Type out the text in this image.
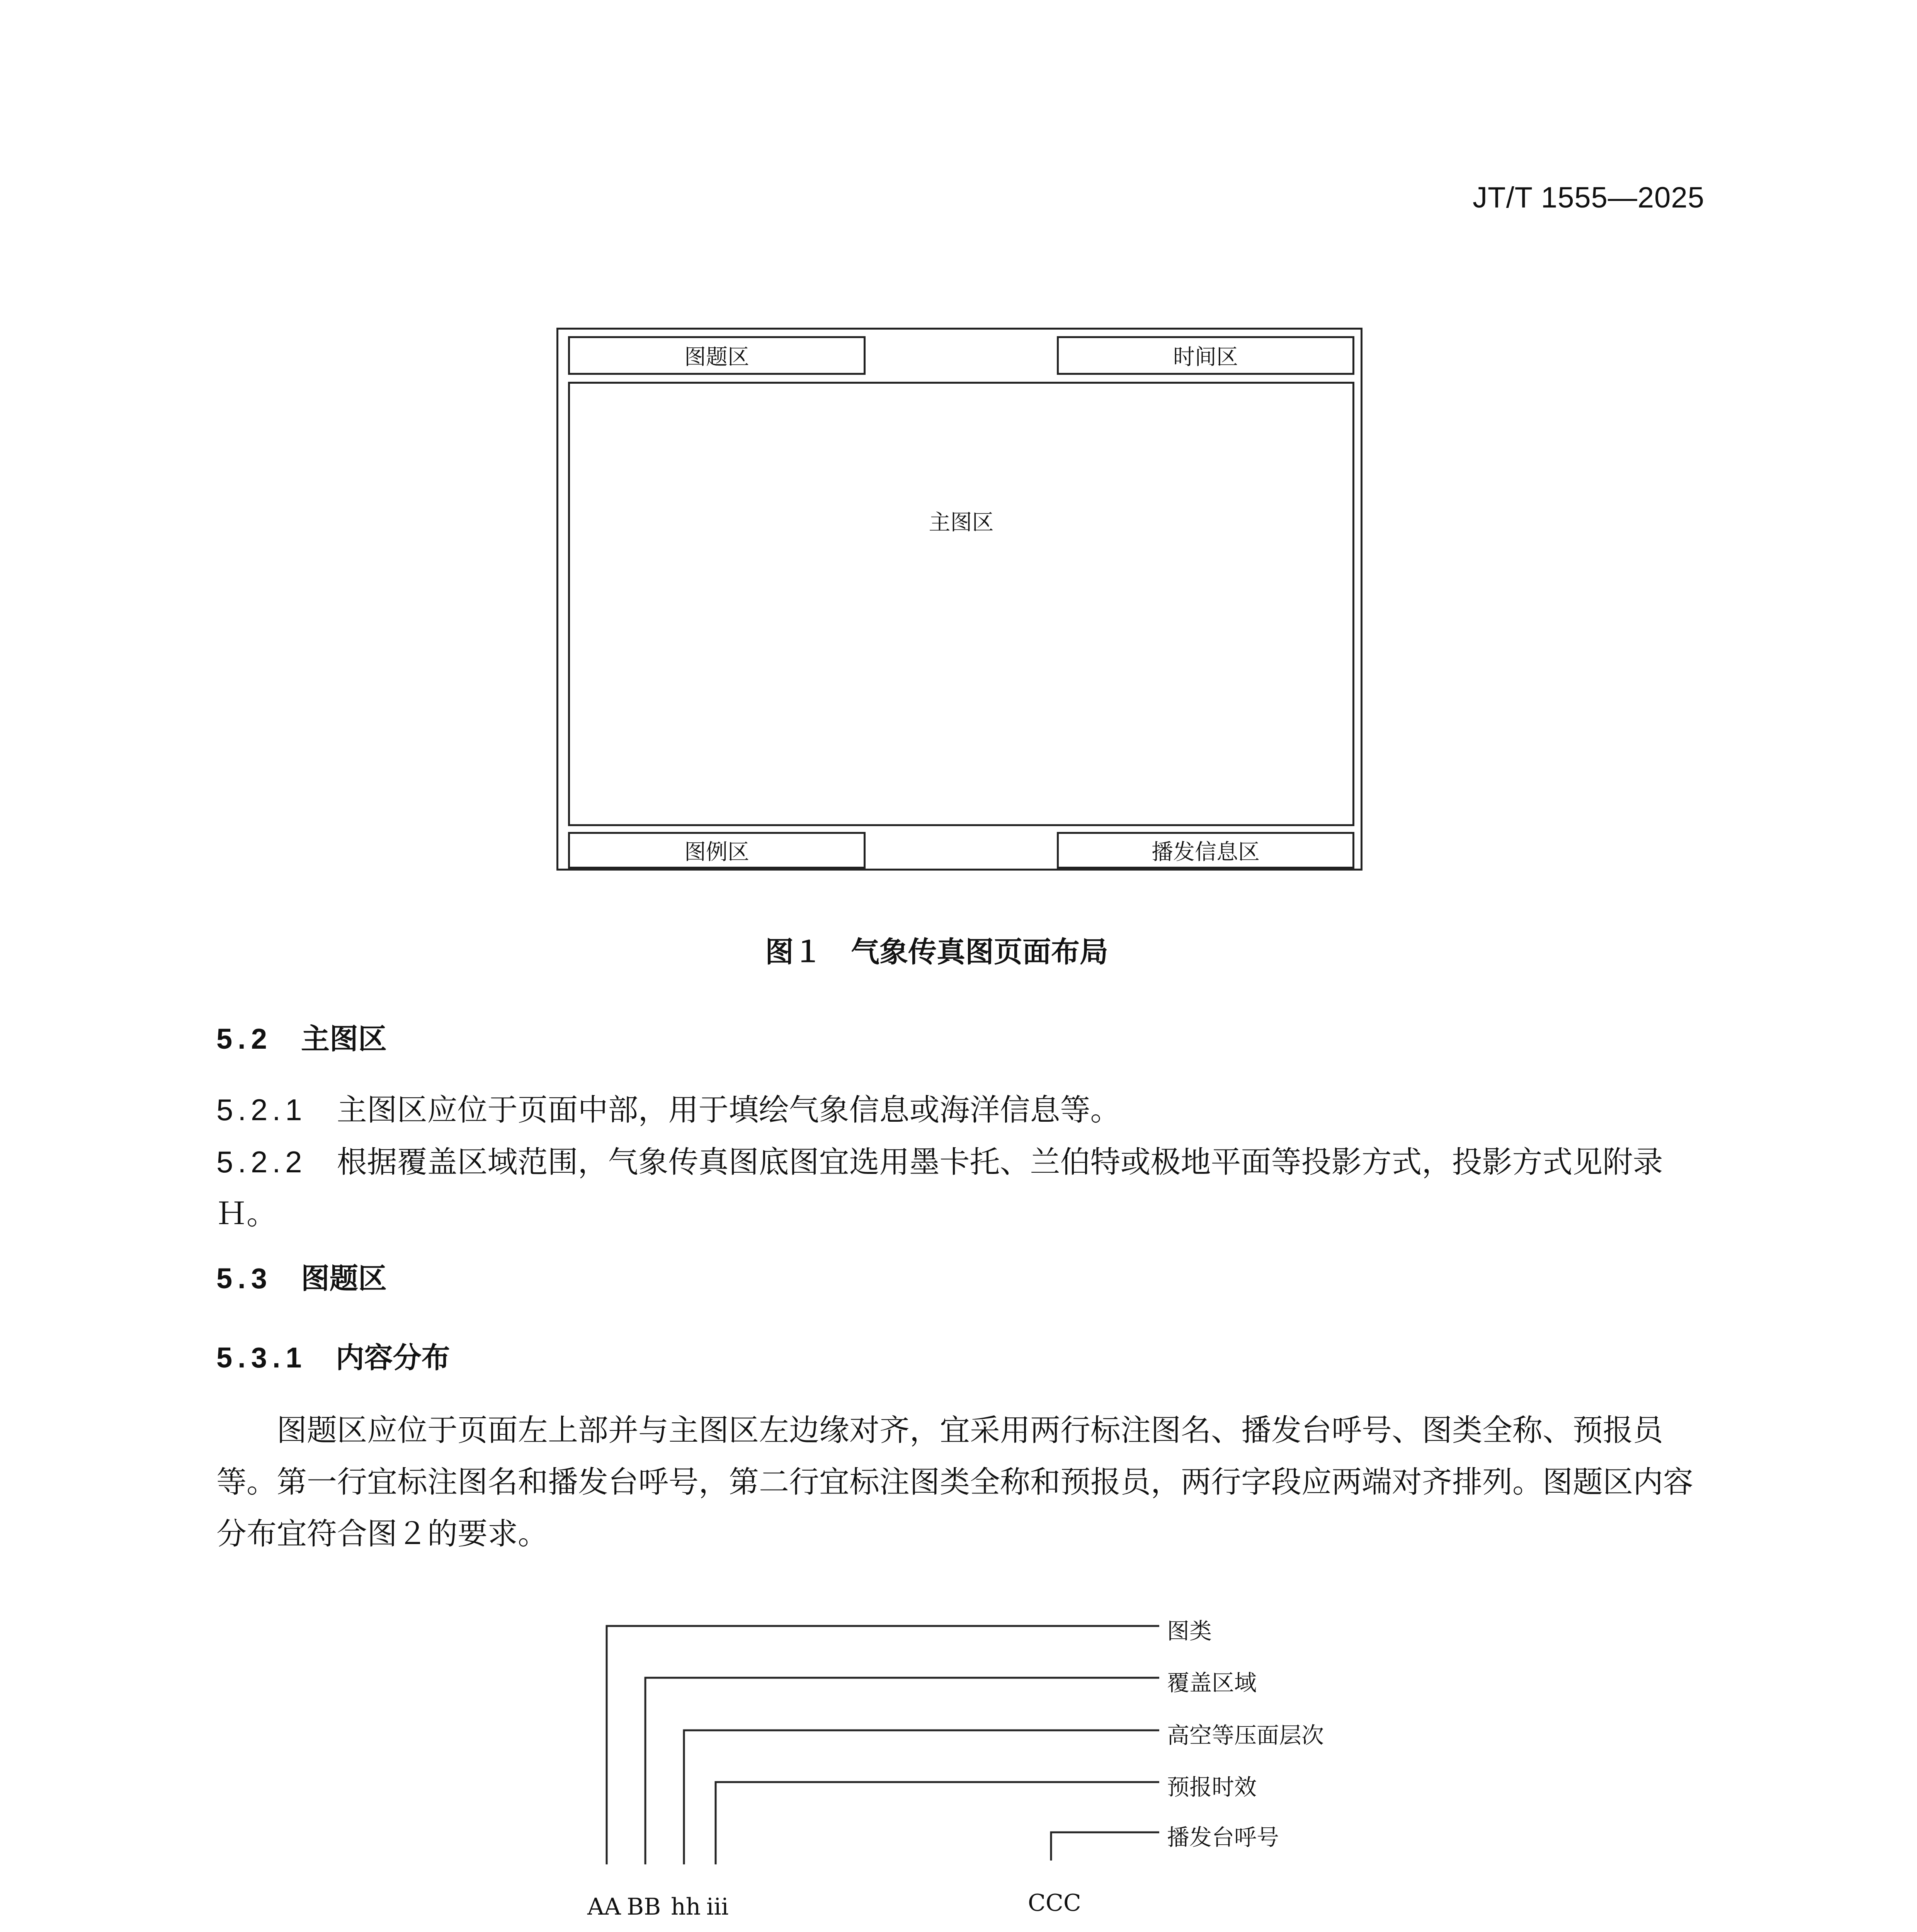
JT/T 1555—2025
图题区	时间区
主图区
图例区	播发信息区
图１　气象传真图页面布局
5.2　 主图区
5.2.1　 主图区应位于页面中部，用于填绘气象信息或海洋信息等。
5.2.2　 根据覆盖区域范围，气象传真图底图宜选用墨卡托、兰伯特或极地平面等投影方式，投影方式见附录Ｈ。
5.3　 图题区
5.3.1　 内容分布
图题区应位于页面左上部并与主图区左边缘对齐，宜采用两行标注图名、播发台呼号、图类全称、预报员等。第一行宜标注图名和播发台呼号，第二行宜标注图类全称和预报员，两行字段应两端对齐排列。图题区内容分布宜符合图２的要求。
图类
覆盖区域
高空等压面层次
预报时效
播发台呼号
AA BB hh iii	CCC
